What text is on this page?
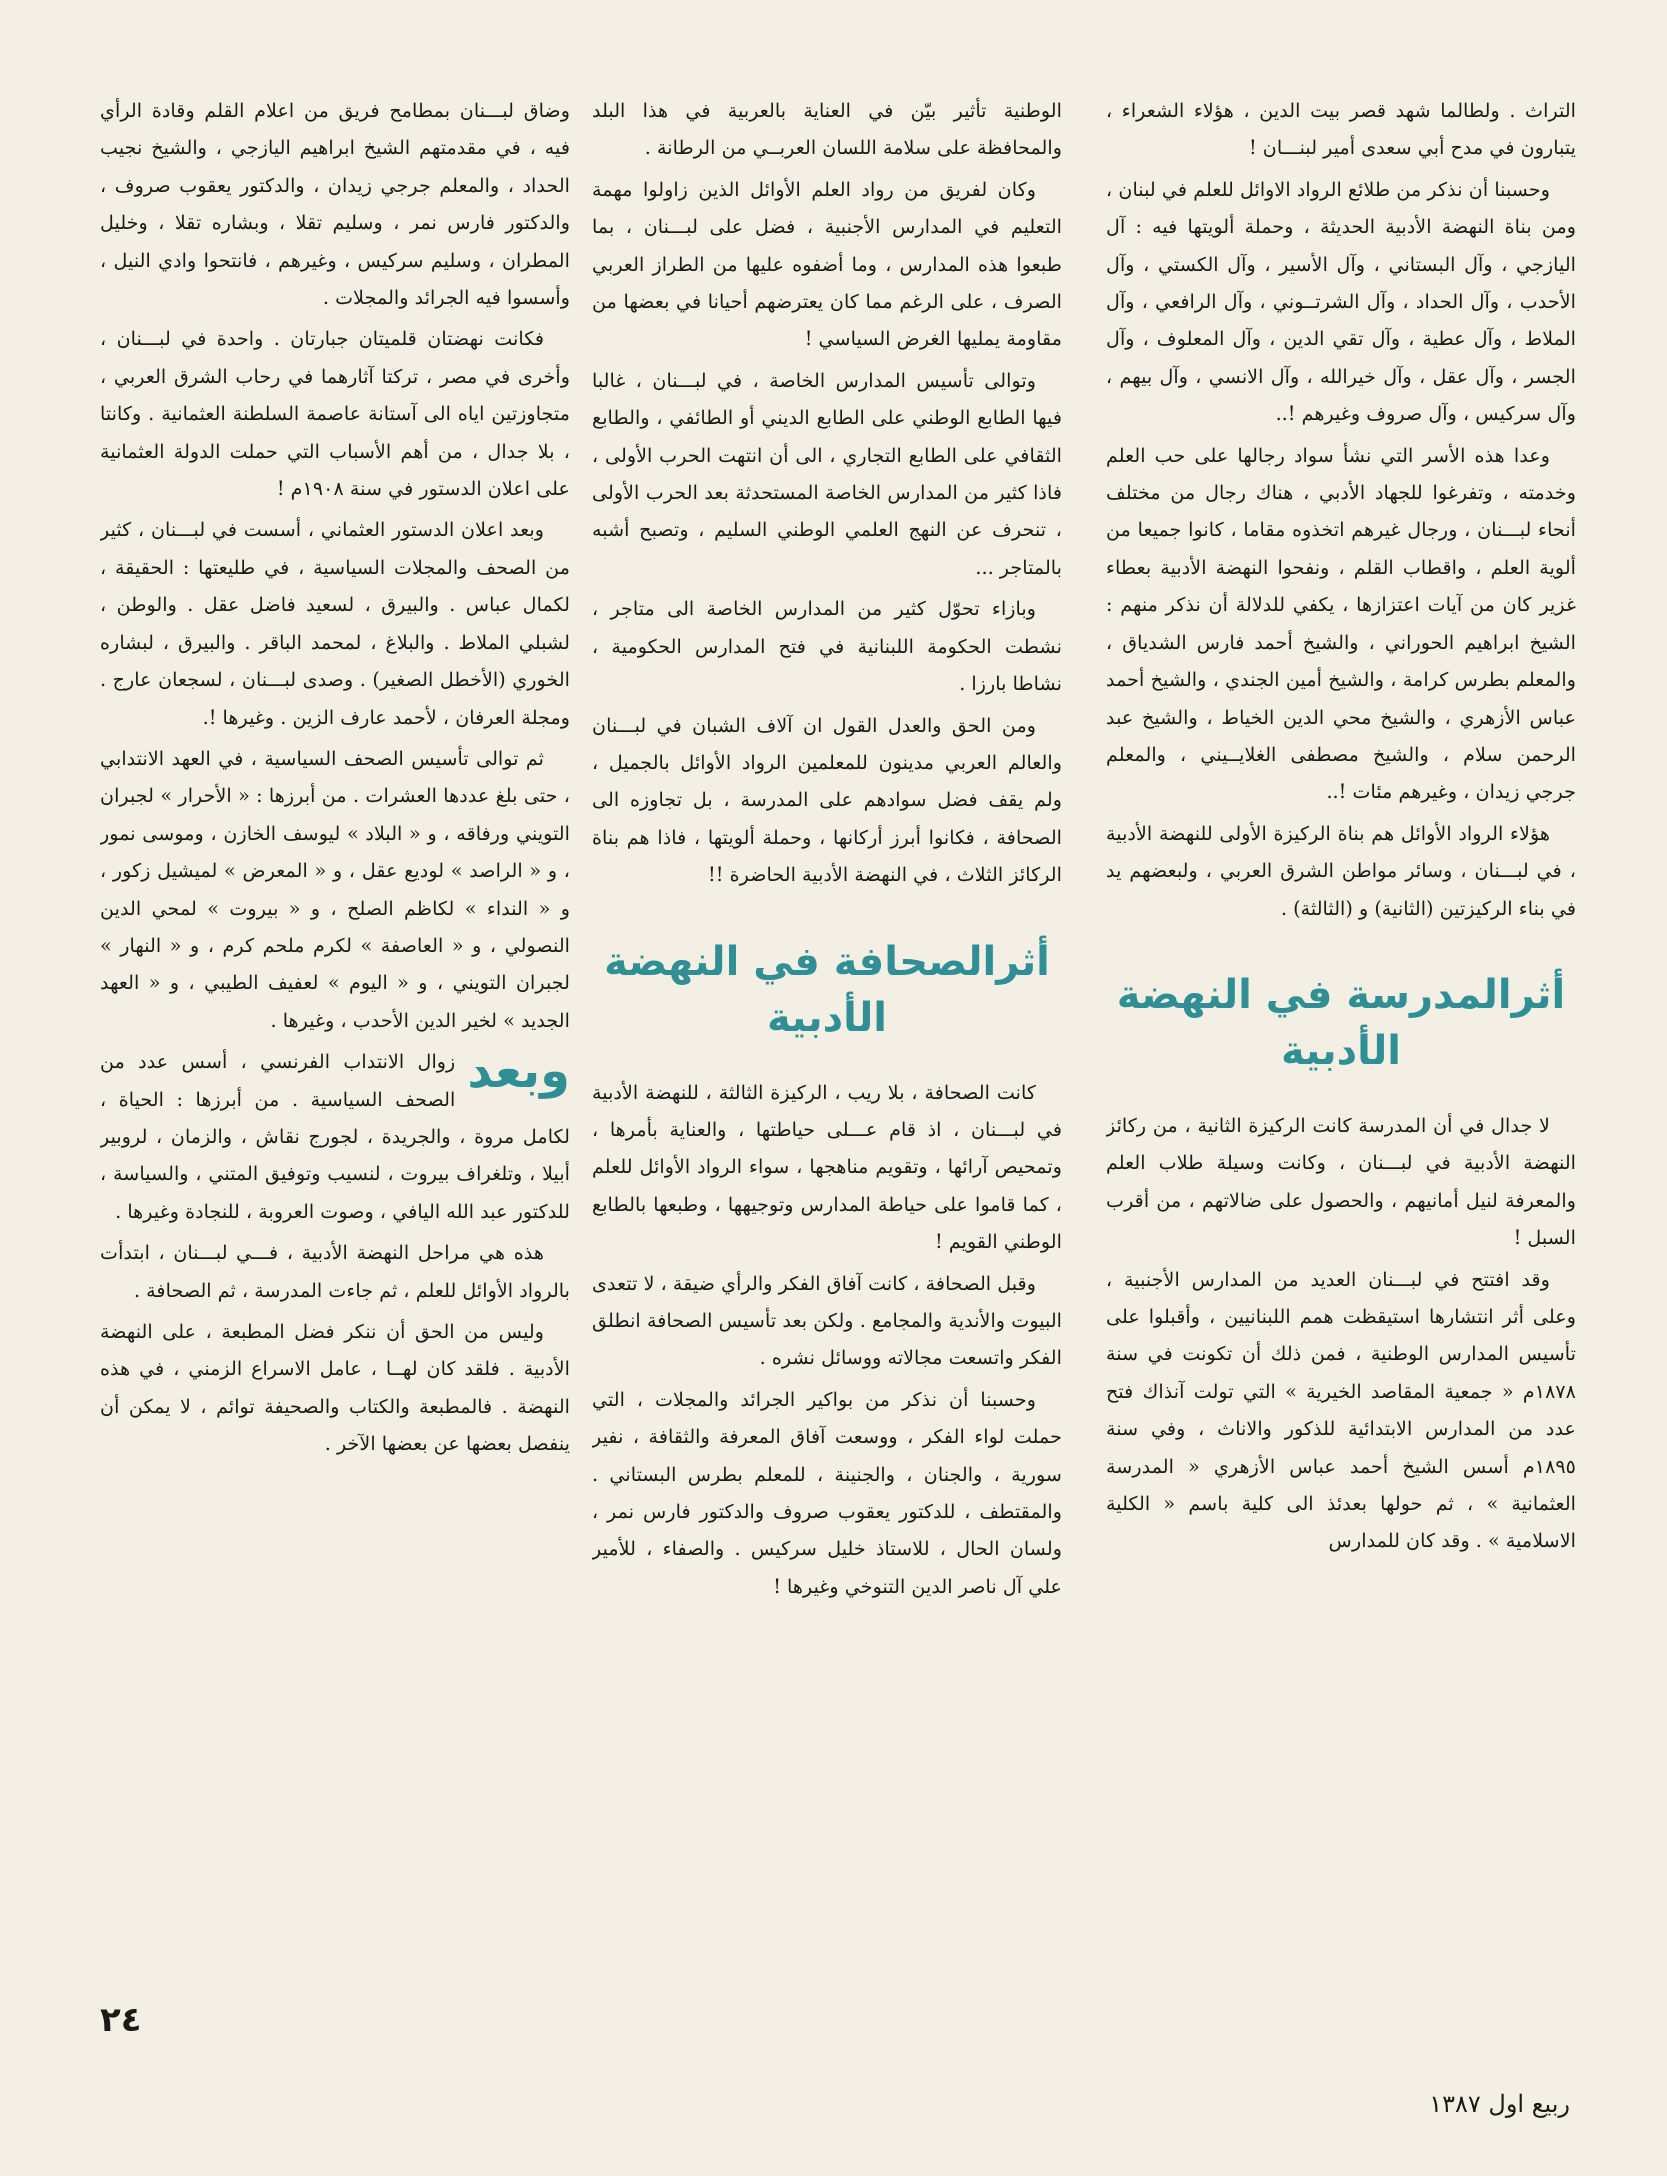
التراث . ولطالما شهد قصر بيت الدين ، هؤلاء الشعراء ، يتبارون في مدح أبي سعدى أمير لبنـــان !

وحسبنا أن نذكر من طلائع الرواد الاوائل للعلم في لبنان ، ومن بناة النهضة الأدبية الحديثة ، وحملة ألويتها فيه : آل اليازجي ، وآل البستاني ، وآل الأسير ، وآل الكستي ، وآل الأحدب ، وآل الحداد ، وآل الشرتــوني ، وآل الرافعي ، وآل الملاط ، وآل عطية ، وآل تقي الدين ، وآل المعلوف ، وآل الجسر ، وآل عقل ، وآل خيرالله ، وآل الانسي ، وآل بيهم ، وآل سركيس ، وآل صروف وغيرهم !..

وعدا هذه الأسر التي نشأ سواد رجالها على حب العلم وخدمته ، وتفرغوا للجهاد الأدبي ، هناك رجال من مختلف أنحاء لبـــنان ، ورجال غيرهم اتخذوه مقاما ، كانوا جميعا من ألوية العلم ، واقطاب القلم ، ونفحوا النهضة الأدبية بعطاء غزير كان من آيات اعتزازها ، يكفي للدلالة أن نذكر منهم : الشيخ ابراهيم الحوراني ، والشيخ أحمد فارس الشدياق ، والمعلم بطرس كرامة ، والشيخ أمين الجندي ، والشيخ أحمد عباس الأزهري ، والشيخ محي الدين الخياط ، والشيخ عبد الرحمن سلام ، والشيخ مصطفى الغلايــيني ، والمعلم جرجي زيدان ، وغيرهم مئات !..

هؤلاء الرواد الأوائل هم بناة الركيزة الأولى للنهضة الأدبية ، في لبـــنان ، وسائر مواطن الشرق العربي ، ولبعضهم يد في بناء الركيزتين (الثانية) و (الثالثة) .

أثرالمدرسة في النهضة الأدبية

لا جدال في أن المدرسة كانت الركيزة الثانية ، من ركائز النهضة الأدبية في لبـــنان ، وكانت وسيلة طلاب العلم والمعرفة لنيل أمانيهم ، والحصول على ضالاتهم ، من أقرب السبل !

وقد افتتح في لبـــنان العديد من المدارس الأجنبية ، وعلى أثر انتشارها استيقظت همم اللبنانيين ، وأقبلوا على تأسيس المدارس الوطنية ، فمن ذلك أن تكونت في سنة ١٨٧٨م « جمعية المقاصد الخيرية » التي تولت آنذاك فتح عدد من المدارس الابتدائية للذكور والاناث ، وفي سنة ١٨٩٥م أسس الشيخ أحمد عباس الأزهري « المدرسة العثمانية » ، ثم حولها بعدئذ الى كلية باسم « الكلية الاسلامية » . وقد كان للمدارس

الوطنية تأثير بيّن في العناية بالعربية في هذا البلد والمحافظة على سلامة اللسان العربــي من الرطانة .

وكان لفريق من رواد العلم الأوائل الذين زاولوا مهمة التعليم في المدارس الأجنبية ، فضل على لبـــنان ، بما طبعوا هذه المدارس ، وما أضفوه عليها من الطراز العربي الصرف ، على الرغم مما كان يعترضهم أحيانا في بعضها من مقاومة يمليها الغرض السياسي !

وتوالى تأسيس المدارس الخاصة ، في لبـــنان ، غالبا فيها الطابع الوطني على الطابع الديني أو الطائفي ، والطابع الثقافي على الطابع التجاري ، الى أن انتهت الحرب الأولى ، فاذا كثير من المدارس الخاصة المستحدثة بعد الحرب الأولى ، تنحرف عن النهج العلمي الوطني السليم ، وتصبح أشبه بالمتاجر ...

وبازاء تحوّل كثير من المدارس الخاصة الى متاجر ، نشطت الحكومة اللبنانية في فتح المدارس الحكومية ، نشاطا بارزا .

ومن الحق والعدل القول ان آلاف الشبان في لبـــنان والعالم العربي مدينون للمعلمين الرواد الأوائل بالجميل ، ولم يقف فضل سوادهم على المدرسة ، بل تجاوزه الى الصحافة ، فكانوا أبرز أركانها ، وحملة ألويتها ، فاذا هم بناة الركائز الثلاث ، في النهضة الأدبية الحاضرة !!

أثرالصحافة في النهضة الأدبية

كانت الصحافة ، بلا ريب ، الركيزة الثالثة ، للنهضة الأدبية في لبـــنان ، اذ قام عـــلى حياطتها ، والعناية بأمرها ، وتمحيص آرائها ، وتقويم مناهجها ، سواء الرواد الأوائل للعلم ، كما قاموا على حياطة المدارس وتوجيهها ، وطبعها بالطابع الوطني القويم !

وقبل الصحافة ، كانت آفاق الفكر والرأي ضيقة ، لا تتعدى البيوت والأندية والمجامع . ولكن بعد تأسيس الصحافة انطلق الفكر واتسعت مجالاته ووسائل نشره .

وحسبنا أن نذكر من بواكير الجرائد والمجلات ، التي حملت لواء الفكر ، ووسعت آفاق المعرفة والثقافة ، نفير سورية ، والجنان ، والجنينة ، للمعلم بطرس البستاني . والمقتطف ، للدكتور يعقوب صروف والدكتور فارس نمر ، ولسان الحال ، للاستاذ خليل سركيس . والصفاء ، للأمير علي آل ناصر الدين التنوخي وغيرها !

وضاق لبـــنان بمطامح فريق من اعلام القلم وقادة الرأي فيه ، في مقدمتهم الشيخ ابراهيم اليازجي ، والشيخ نجيب الحداد ، والمعلم جرجي زيدان ، والدكتور يعقوب صروف ، والدكتور فارس نمر ، وسليم تقلا ، وبشاره تقلا ، وخليل المطران ، وسليم سركيس ، وغيرهم ، فانتحوا وادي النيل ، وأسسوا فيه الجرائد والمجلات .

فكانت نهضتان قلميتان جبارتان . واحدة في لبـــنان ، وأخرى في مصر ، تركتا آثارهما في رحاب الشرق العربي ، متجاوزتين اياه الى آستانة عاصمة السلطنة العثمانية . وكانتا ، بلا جدال ، من أهم الأسباب التي حملت الدولة العثمانية على اعلان الدستور في سنة ١٩٠٨م !

وبعد اعلان الدستور العثماني ، أسست في لبـــنان ، كثير من الصحف والمجلات السياسية ، في طليعتها : الحقيقة ، لكمال عباس . والبيرق ، لسعيد فاضل عقل . والوطن ، لشبلي الملاط . والبلاغ ، لمحمد الباقر . والبيرق ، لبشاره الخوري (الأخطل الصغير) . وصدى لبـــنان ، لسجعان عارج . ومجلة العرفان ، لأحمد عارف الزين . وغيرها !.

ثم توالى تأسيس الصحف السياسية ، في العهد الانتدابي ، حتى بلغ عددها العشرات . من أبرزها : « الأحرار » لجبران التويني ورفاقه ، و « البلاد » ليوسف الخازن ، وموسى نمور ، و « الراصد » لوديع عقل ، و « المعرض » لميشيل زكور ، و « النداء » لكاظم الصلح ، و « بيروت » لمحي الدين النصولي ، و « العاصفة » لكرم ملحم كرم ، و « النهار » لجبران التويني ، و « اليوم » لعفيف الطيبي ، و « العهد الجديد » لخير الدين الأحدب ، وغيرها .

وبعد
زوال الانتداب الفرنسي ، أسس عدد من الصحف السياسية . من أبرزها : الحياة ، لكامل مروة ، والجريدة ، لجورج نقاش ، والزمان ، لروبير أبيلا ، وتلغراف بيروت ، لنسيب وتوفيق المتني ، والسياسة ، للدكتور عبد الله اليافي ، وصوت العروبة ، للنجادة وغيرها .

هذه هي مراحل النهضة الأدبية ، فـــي لبـــنان ، ابتدأت بالرواد الأوائل للعلم ، ثم جاءت المدرسة ، ثم الصحافة .

وليس من الحق أن ننكر فضل المطبعة ، على النهضة الأدبية . فلقد كان لهــا ، عامل الاسراع الزمني ، في هذه النهضة . فالمطبعة والكتاب والصحيفة توائم ، لا يمكن أن ينفصل بعضها عن بعضها الآخر .

٢٤
ربيع اول ١٣٨٧
